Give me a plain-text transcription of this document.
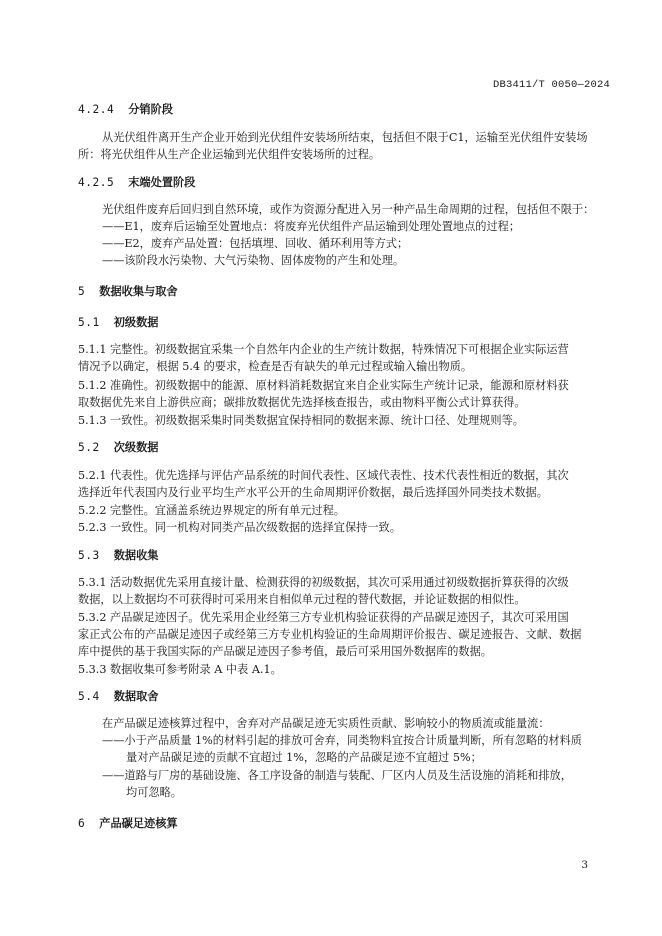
DB3411/T 0050—2024
4.2.4 分销阶段
从光伏组件离开生产企业开始到光伏组件安装场所结束，包括但不限于C1，运输至光伏组件安装场
所：将光伏组件从生产企业运输到光伏组件安装场所的过程。
4.2.5 末端处置阶段
光伏组件废弃后回归到自然环境，或作为资源分配进入另一种产品生命周期的过程，包括但不限于：
——E1，废弃后运输至处置地点：将废弃光伏组件产品运输到处理处置地点的过程；
——E2，废弃产品处置：包括填埋、回收、循环利用等方式；
——该阶段水污染物、大气污染物、固体废物的产生和处理。
5 数据收集与取舍
5.1 初级数据
5.1.1 完整性。初级数据宜采集一个自然年内企业的生产统计数据，特殊情况下可根据企业实际运营
情况予以确定，根据 5.4 的要求，检查是否有缺失的单元过程或输入输出物质。
5.1.2 准确性。初级数据中的能源、原材料消耗数据宜来自企业实际生产统计记录，能源和原材料获
取数据优先来自上游供应商；碳排放数据优先选择核查报告，或由物料平衡公式计算获得。
5.1.3 一致性。初级数据采集时同类数据宜保持相同的数据来源、统计口径、处理规则等。
5.2 次级数据
5.2.1 代表性。优先选择与评估产品系统的时间代表性、区域代表性、技术代表性相近的数据，其次
选择近年代表国内及行业平均生产水平公开的生命周期评价数据，最后选择国外同类技术数据。
5.2.2 完整性。宜涵盖系统边界规定的所有单元过程。
5.2.3 一致性。同一机构对同类产品次级数据的选择宜保持一致。
5.3 数据收集
5.3.1 活动数据优先采用直接计量、检测获得的初级数据，其次可采用通过初级数据折算获得的次级
数据，以上数据均不可获得时可采用来自相似单元过程的替代数据，并论证数据的相似性。
5.3.2 产品碳足迹因子。优先采用企业经第三方专业机构验证获得的产品碳足迹因子，其次可采用国
家正式公布的产品碳足迹因子或经第三方专业机构验证的生命周期评价报告、碳足迹报告、文献、数据
库中提供的基于我国实际的产品碳足迹因子参考值，最后可采用国外数据库的数据。
5.3.3 数据收集可参考附录 A 中表 A.1。
5.4 数据取舍
在产品碳足迹核算过程中，舍弃对产品碳足迹无实质性贡献、影响较小的物质流或能量流：
——小于产品质量 1%的材料引起的排放可舍弃，同类物料宜按合计质量判断，所有忽略的材料质
量对产品碳足迹的贡献不宜超过 1%，忽略的产品碳足迹不宜超过 5%；
——道路与厂房的基础设施、各工序设备的制造与装配、厂区内人员及生活设施的消耗和排放，
均可忽略。
6 产品碳足迹核算
3
